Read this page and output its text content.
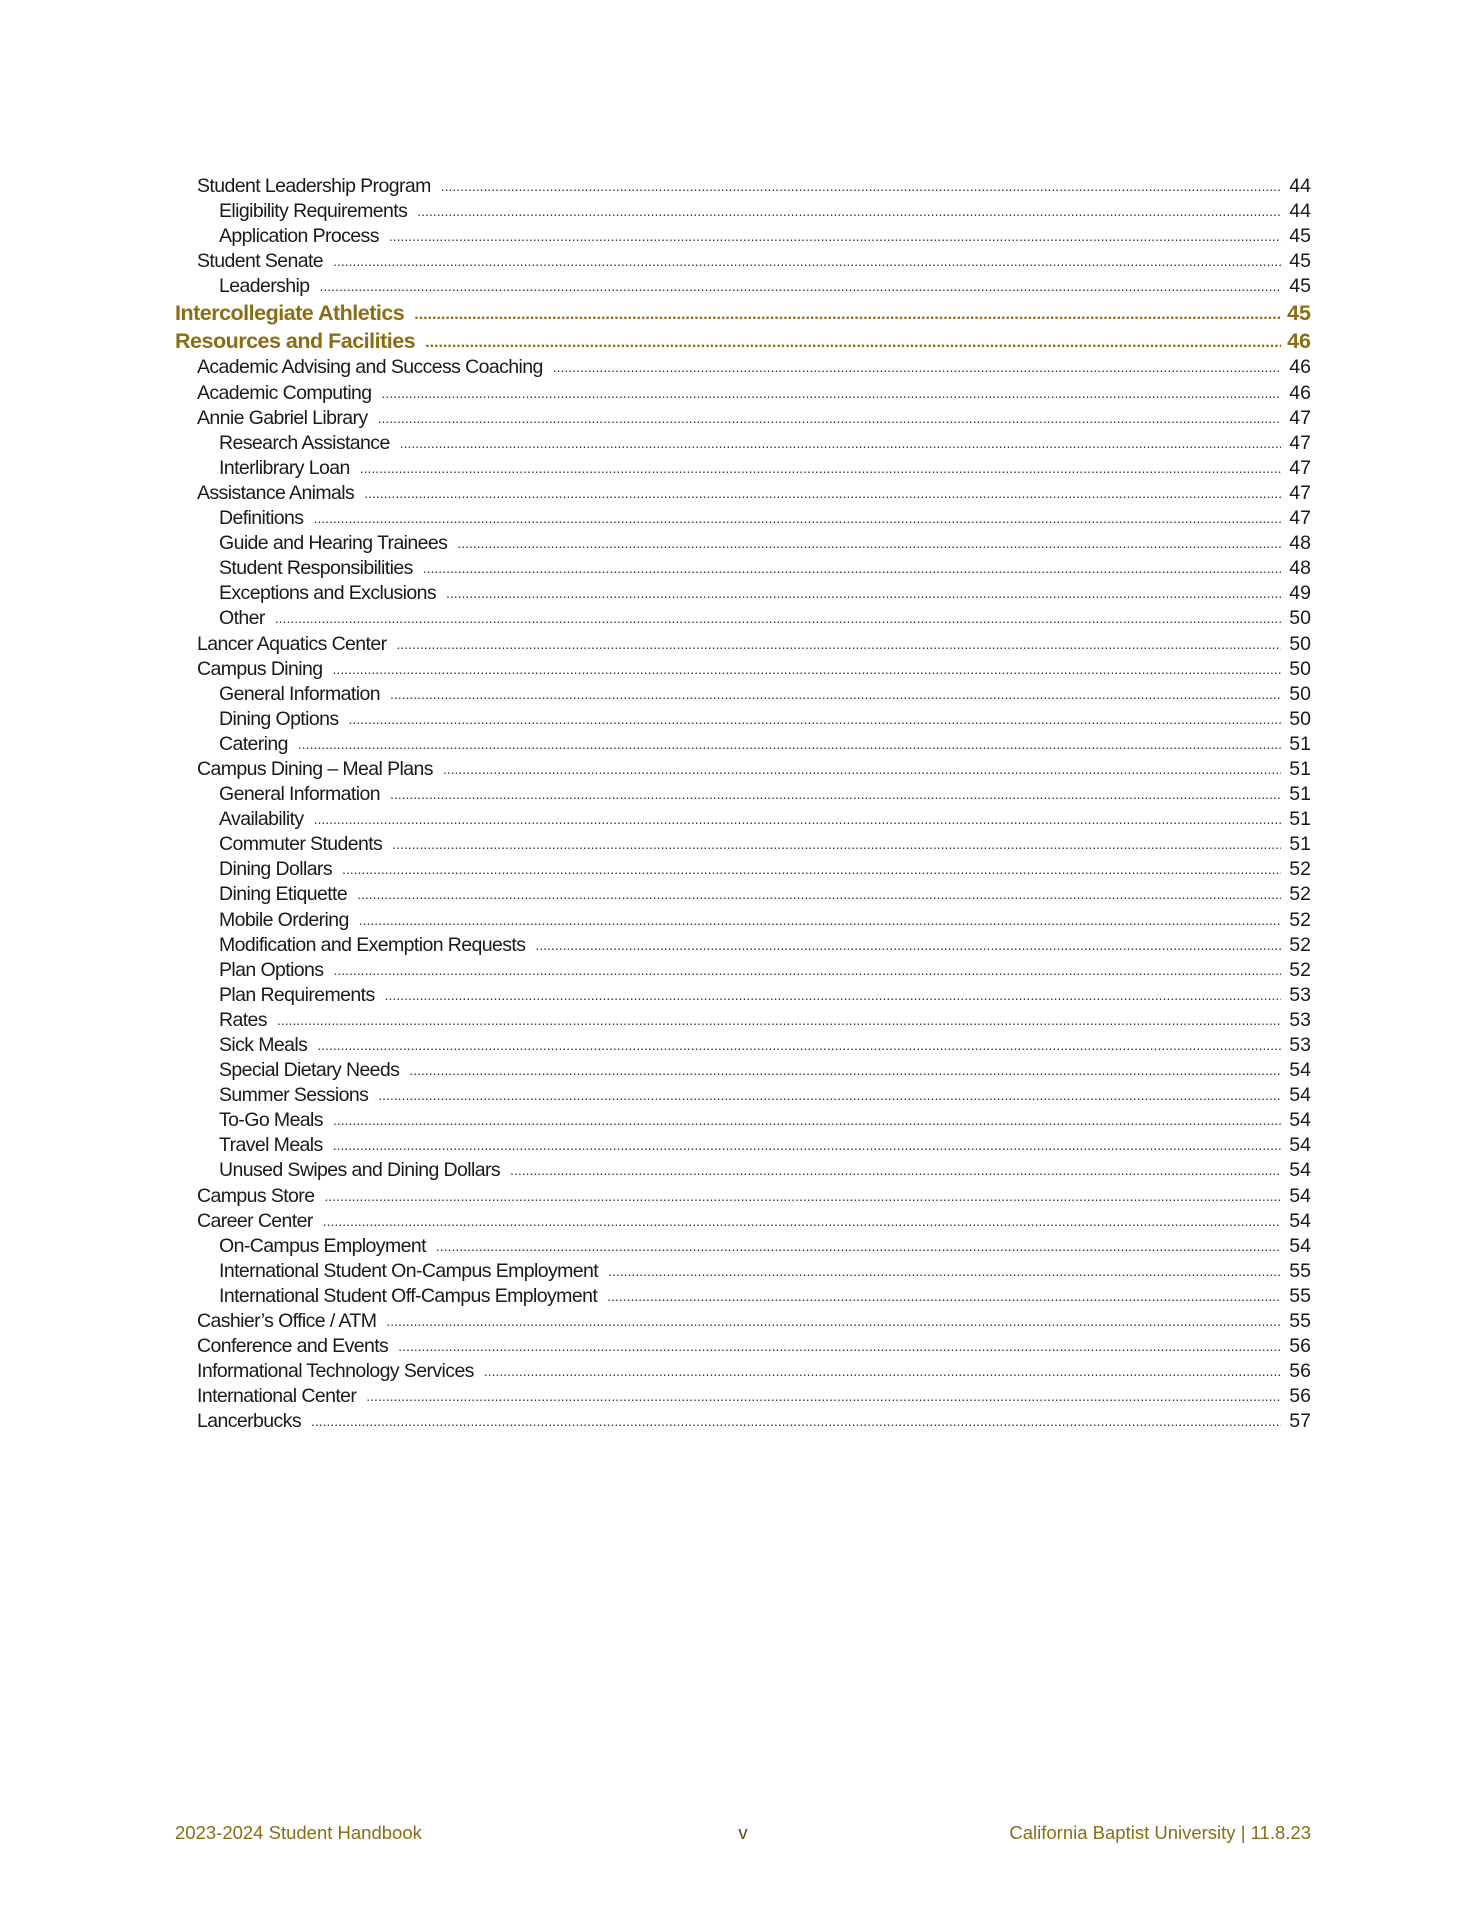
Student Leadership Program .....	44
Eligibility Requirements .....	44
Application Process .....	45
Student Senate .....	45
Leadership .....	45
Intercollegiate Athletics .....	45
Resources and Facilities .....	46
Academic Advising and Success Coaching .....	46
Academic Computing .....	46
Annie Gabriel Library .....	47
Research Assistance .....	47
Interlibrary Loan .....	47
Assistance Animals .....	47
Definitions .....	47
Guide and Hearing Trainees .....	48
Student Responsibilities .....	48
Exceptions and Exclusions .....	49
Other .....	50
Lancer Aquatics Center .....	50
Campus Dining .....	50
General Information .....	50
Dining Options .....	50
Catering .....	51
Campus Dining – Meal Plans .....	51
General Information .....	51
Availability .....	51
Commuter Students .....	51
Dining Dollars .....	52
Dining Etiquette .....	52
Mobile Ordering .....	52
Modification and Exemption Requests .....	52
Plan Options .....	52
Plan Requirements .....	53
Rates .....	53
Sick Meals .....	53
Special Dietary Needs .....	54
Summer Sessions .....	54
To-Go Meals .....	54
Travel Meals .....	54
Unused Swipes and Dining Dollars .....	54
Campus Store .....	54
Career Center .....	54
On-Campus Employment .....	54
International Student On-Campus Employment .....	55
International Student Off-Campus Employment .....	55
Cashier’s Office / ATM .....	55
Conference and Events .....	56
Informational Technology Services .....	56
International Center .....	56
Lancerbucks .....	57
2023-2024 Student Handbook	v	California Baptist University | 11.8.23
